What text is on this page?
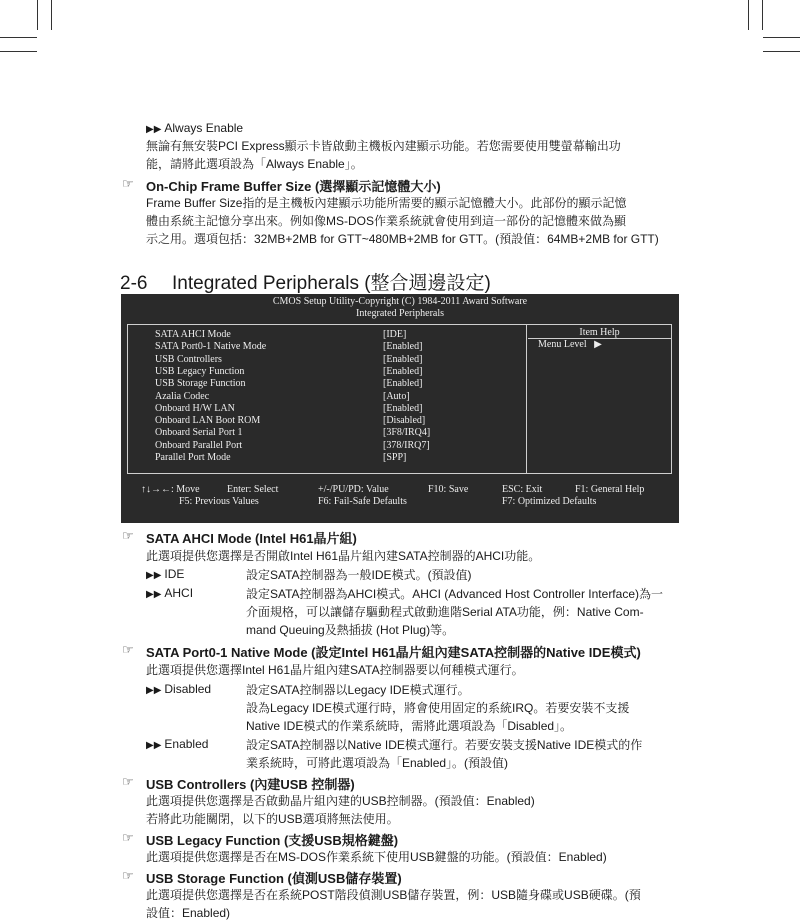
▶▶ Always Enable
無論有無安裝PCI Express顯示卡皆啟動主機板內建顯示功能。若您需要使用雙螢幕輸出功
能，請將此選項設為「Always Enable」。
☞ On-Chip Frame Buffer Size (選擇顯示記憶體大小)
Frame Buffer Size指的是主機板內建顯示功能所需要的顯示記憶體大小。此部份的顯示記憶
體由系統主記憶分享出來。例如像MS-DOS作業系統就會使用到這一部份的記憶體來做為顯
示之用。選項包括：32MB+2MB for GTT~480MB+2MB for GTT。(預設值：64MB+2MB for GTT)
2-6 Integrated Peripherals (整合週邊設定)
CMOS Setup Utility-Copyright (C) 1984-2011 Award Software
Integrated Peripherals
SATA AHCI Mode	[IDE]
SATA Port0-1 Native Mode	[Enabled]
USB Controllers	[Enabled]
USB Legacy Function	[Enabled]
USB Storage Function	[Enabled]
Azalia Codec	[Auto]
Onboard H/W LAN	[Enabled]
Onboard LAN Boot ROM	[Disabled]
Onboard Serial Port 1	[3F8/IRQ4]
Onboard Parallel Port	[378/IRQ7]
Parallel Port Mode	[SPP]
Item Help
Menu Level ▶
↑↓→←: Move	Enter: Select	+/-/PU/PD: Value	F10: Save	ESC: Exit	F1: General Help
F5: Previous Values	F6: Fail-Safe Defaults	F7: Optimized Defaults
☞ SATA AHCI Mode (Intel H61晶片組)
此選項提供您選擇是否開啟Intel H61晶片組內建SATA控制器的AHCI功能。
▶▶ IDE	設定SATA控制器為一般IDE模式。(預設值)
▶▶ AHCI	設定SATA控制器為AHCI模式。AHCI (Advanced Host Controller Interface)為一
介面規格，可以讓儲存驅動程式啟動進階Serial ATA功能，例：Native Com-
mand Queuing及熱插拔 (Hot Plug)等。
☞ SATA Port0-1 Native Mode (設定Intel H61晶片組內建SATA控制器的Native IDE模式)
此選項提供您選擇Intel H61晶片組內建SATA控制器要以何種模式運行。
▶▶ Disabled	設定SATA控制器以Legacy IDE模式運行。
設為Legacy IDE模式運行時，將會使用固定的系統IRQ。若要安裝不支援
Native IDE模式的作業系統時，需將此選項設為「Disabled」。
▶▶ Enabled	設定SATA控制器以Native IDE模式運行。若要安裝支援Native IDE模式的作
業系統時，可將此選項設為「Enabled」。(預設值)
☞ USB Controllers (內建USB 控制器)
此選項提供您選擇是否啟動晶片組內建的USB控制器。(預設值：Enabled)
若將此功能關閉，以下的USB選項將無法使用。
☞ USB Legacy Function (支援USB規格鍵盤)
此選項提供您選擇是否在MS-DOS作業系統下使用USB鍵盤的功能。(預設值：Enabled)
☞ USB Storage Function (偵測USB儲存裝置)
此選項提供您選擇是否在系統POST階段偵測USB儲存裝置，例：USB隨身碟或USB硬碟。(預
設值：Enabled)
